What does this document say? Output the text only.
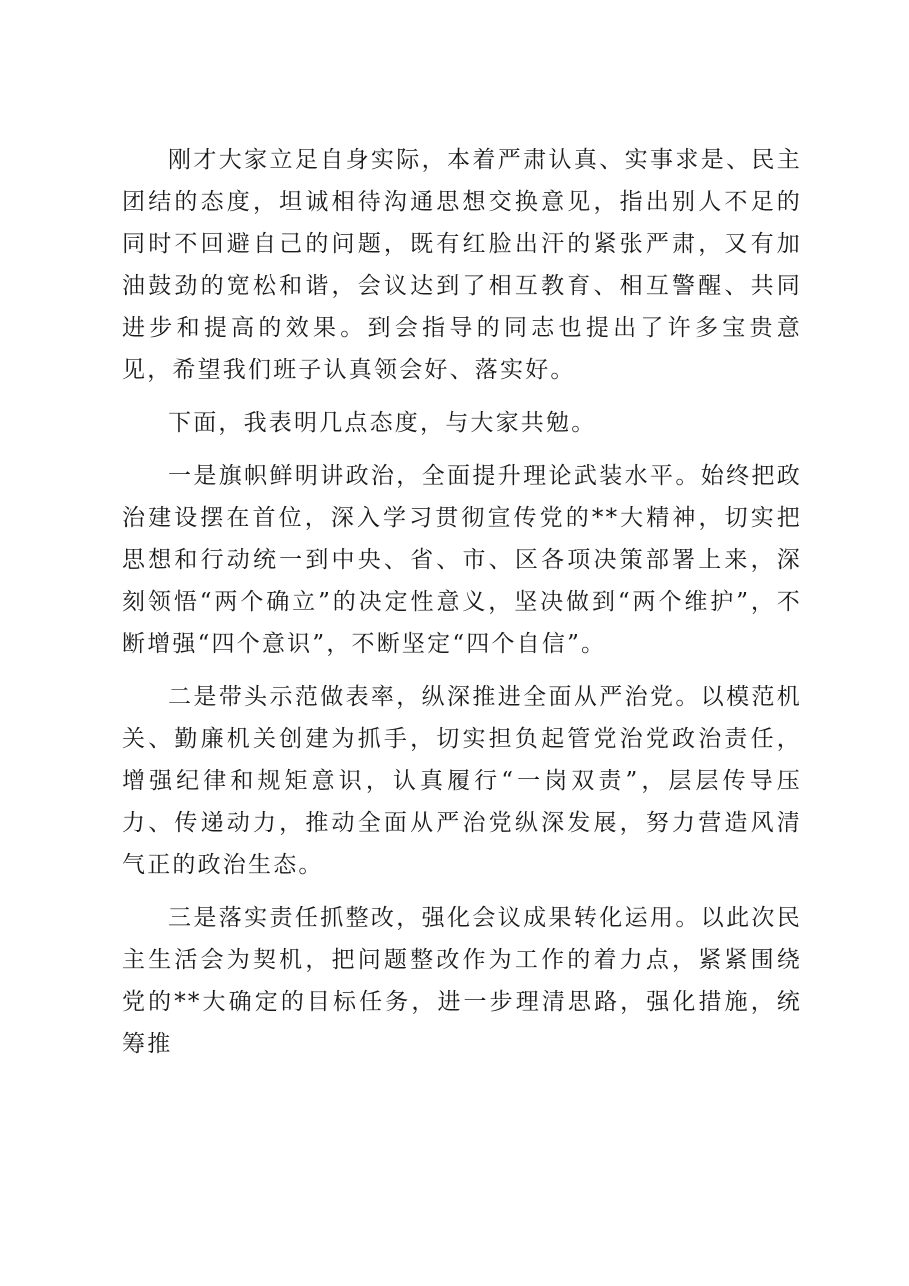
刚才大家立足自身实际，本着严肃认真、实事求是、民主团结的态度，坦诚相待沟通思想交换意见，指出别人不足的同时不回避自己的问题，既有红脸出汗的紧张严肃，又有加油鼓劲的宽松和谐，会议达到了相互教育、相互警醒、共同进步和提高的效果。到会指导的同志也提出了许多宝贵意见，希望我们班子认真领会好、落实好。

下面，我表明几点态度，与大家共勉。

一是旗帜鲜明讲政治，全面提升理论武装水平。始终把政治建设摆在首位，深入学习贯彻宣传党的**大精神，切实把思想和行动统一到中央、省、市、区各项决策部署上来，深刻领悟“两个确立”的决定性意义，坚决做到“两个维护”，不断增强“四个意识”，不断坚定“四个自信”。

二是带头示范做表率，纵深推进全面从严治党。以模范机关、勤廉机关创建为抓手，切实担负起管党治党政治责任，增强纪律和规矩意识，认真履行“一岗双责”，层层传导压力、传递动力，推动全面从严治党纵深发展，努力营造风清气正的政治生态。

三是落实责任抓整改，强化会议成果转化运用。以此次民主生活会为契机，把问题整改作为工作的着力点，紧紧围绕党的**大确定的目标任务，进一步理清思路，强化措施，统筹推
